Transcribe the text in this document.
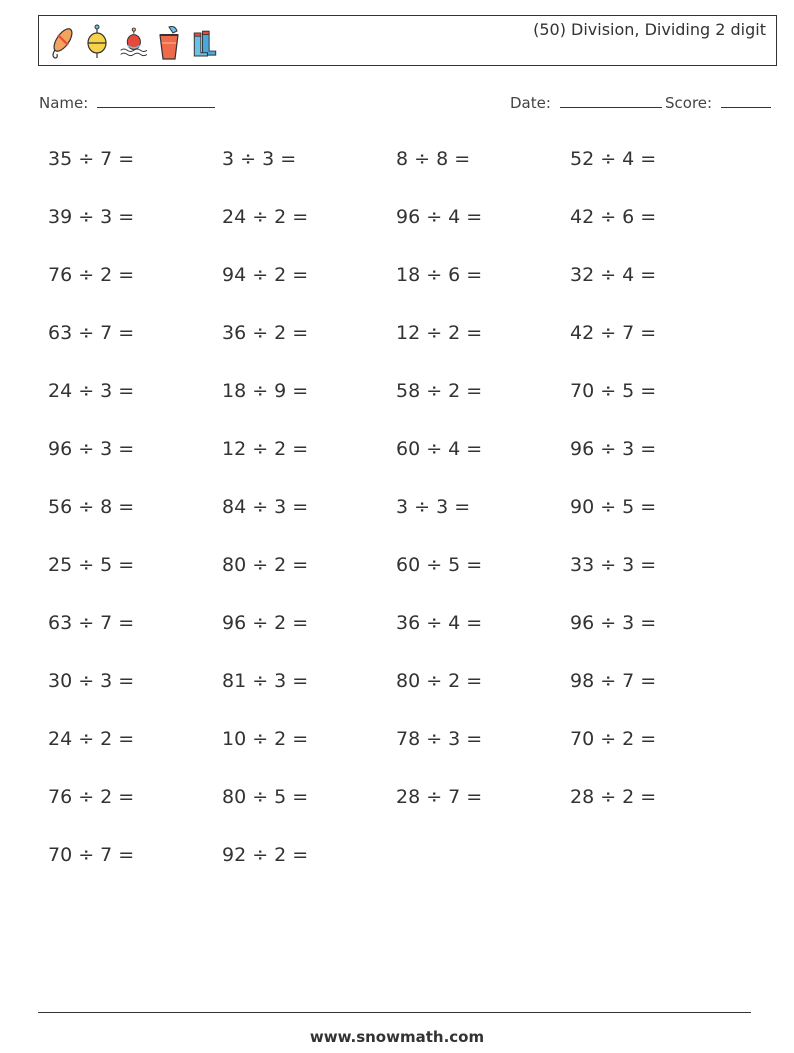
(50) Division, Dividing 2 digit
Name:	Date:	Score:
35 ÷ 7 =	3 ÷ 3 =	8 ÷ 8 =	52 ÷ 4 =
39 ÷ 3 =	24 ÷ 2 =	96 ÷ 4 =	42 ÷ 6 =
76 ÷ 2 =	94 ÷ 2 =	18 ÷ 6 =	32 ÷ 4 =
63 ÷ 7 =	36 ÷ 2 =	12 ÷ 2 =	42 ÷ 7 =
24 ÷ 3 =	18 ÷ 9 =	58 ÷ 2 =	70 ÷ 5 =
96 ÷ 3 =	12 ÷ 2 =	60 ÷ 4 =	96 ÷ 3 =
56 ÷ 8 =	84 ÷ 3 =	3 ÷ 3 =	90 ÷ 5 =
25 ÷ 5 =	80 ÷ 2 =	60 ÷ 5 =	33 ÷ 3 =
63 ÷ 7 =	96 ÷ 2 =	36 ÷ 4 =	96 ÷ 3 =
30 ÷ 3 =	81 ÷ 3 =	80 ÷ 2 =	98 ÷ 7 =
24 ÷ 2 =	10 ÷ 2 =	78 ÷ 3 =	70 ÷ 2 =
76 ÷ 2 =	80 ÷ 5 =	28 ÷ 7 =	28 ÷ 2 =
70 ÷ 7 =	92 ÷ 2 =
www.snowmath.com
